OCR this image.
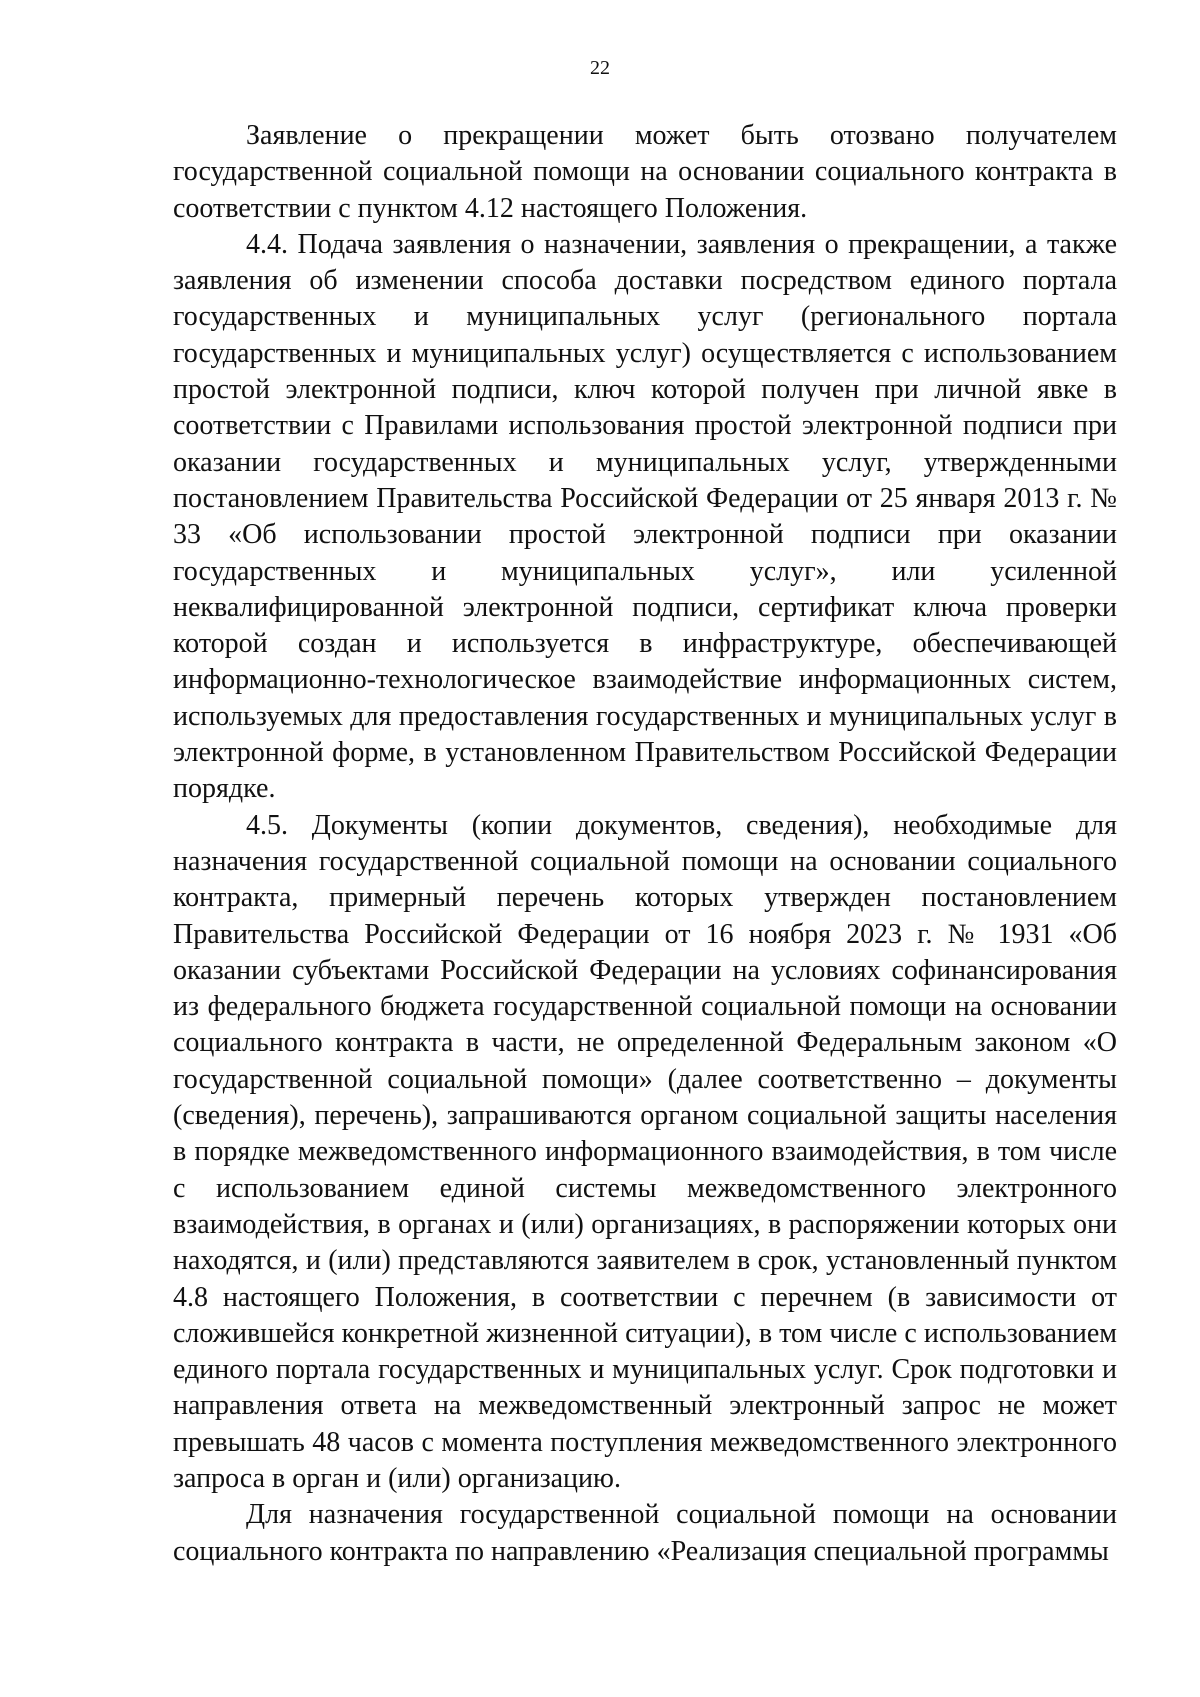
22

Заявление о прекращении может быть отозвано получателем государственной социальной помощи на основании социального контракта в соответствии с пунктом 4.12 настоящего Положения.

4.4. Подача заявления о назначении, заявления о прекращении, а также заявления об изменении способа доставки посредством единого портала государственных и муниципальных услуг (регионального портала государственных и муниципальных услуг) осуществляется с использованием простой электронной подписи, ключ которой получен при личной явке в соответствии с Правилами использования простой электронной подписи при оказании государственных и муниципальных услуг, утвержденными постановлением Правительства Российской Федерации от 25 января 2013 г. № 33 «Об использовании простой электронной подписи при оказании государственных и муниципальных услуг», или усиленной неквалифицированной электронной подписи, сертификат ключа проверки которой создан и используется в инфраструктуре, обеспечивающей информационно-технологическое взаимодействие информационных систем, используемых для предоставления государственных и муниципальных услуг в электронной форме, в установленном Правительством Российской Федерации порядке.

4.5. Документы (копии документов, сведения), необходимые для назначения государственной социальной помощи на основании социального контракта, примерный перечень которых утвержден постановлением Правительства Российской Федерации от 16 ноября 2023 г. № 1931 «Об оказании субъектами Российской Федерации на условиях софинансирования из федерального бюджета государственной социальной помощи на основании социального контракта в части, не определенной Федеральным законом «О государственной социальной помощи» (далее соответственно – документы (сведения), перечень), запрашиваются органом социальной защиты населения в порядке межведомственного информационного взаимодействия, в том числе с использованием единой системы межведомственного электронного взаимодействия, в органах и (или) организациях, в распоряжении которых они находятся, и (или) представляются заявителем в срок, установленный пунктом 4.8 настоящего Положения, в соответствии с перечнем (в зависимости от сложившейся конкретной жизненной ситуации), в том числе с использованием единого портала государственных и муниципальных услуг. Срок подготовки и направления ответа на межведомственный электронный запрос не может превышать 48 часов с момента поступления межведомственного электронного запроса в орган и (или) организацию.

Для назначения государственной социальной помощи на основании социального контракта по направлению «Реализация специальной программы
